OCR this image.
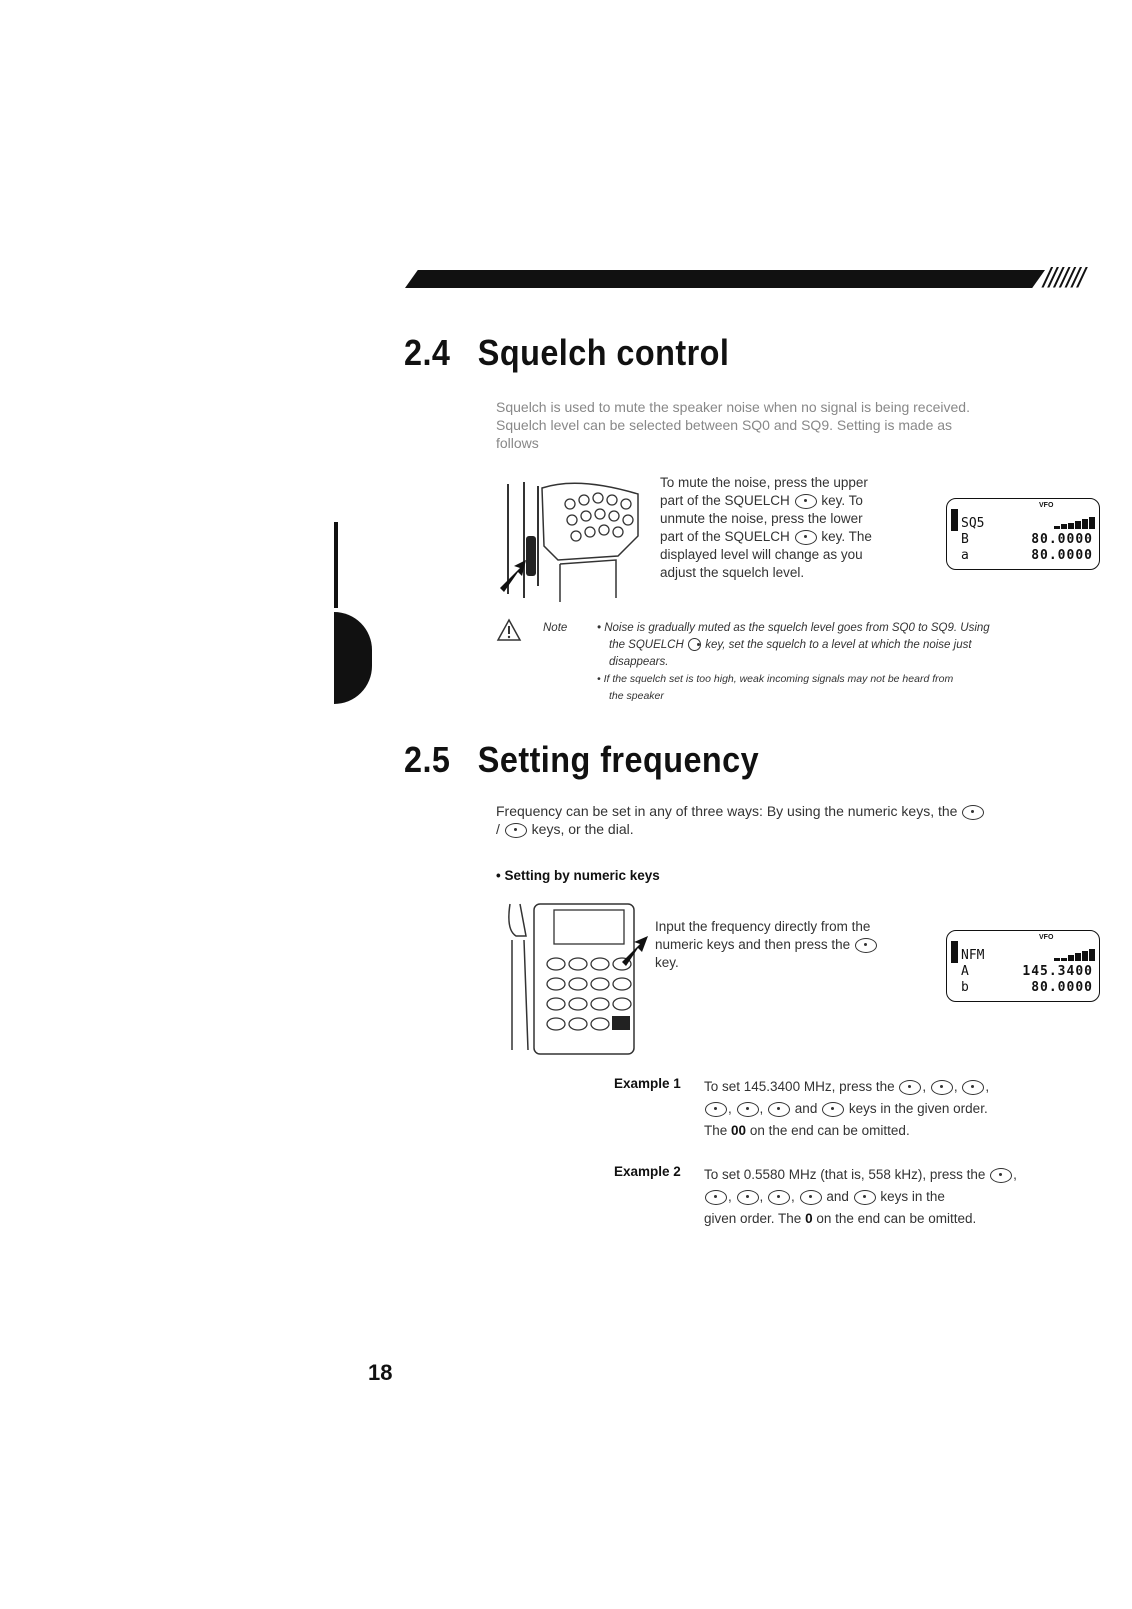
///////
2.4 Squelch control
Squelch is used to mute the speaker noise when no signal is being received.
Squelch level can be selected between SQ0 and SQ9. Setting is made as
follows
To mute the noise, press the upper
part of the SQUELCH key. To
unmute the noise, press the lower
part of the SQUELCH key. The
displayed level will change as you
adjust the squelch level.
VFO
SQ5
B	80.0000
a	80.0000
Note	• Noise is gradually muted as the squelch level goes from SQ0 to SQ9. Using
the SQUELCH key, set the squelch to a level at which the noise just
disappears.
• If the squelch set is too high, weak incoming signals may not be heard from
the speaker
2.5 Setting frequency
Frequency can be set in any of three ways: By using the numeric keys, the
/ keys, or the dial.
• Setting by numeric keys
Input the frequency directly from the
numeric keys and then press the
key.
VFO
NFM
A	145.3400
b	80.0000
Example 1 To set 145.3400 MHz, press the , , ,
, ,  and keys in the given order.
The 00 on the end can be omitted.
Example 2 To set 0.5580 MHz (that is, 558 kHz), press the ,
, , ,  and keys in the
given order. The 0 on the end can be omitted.
18
